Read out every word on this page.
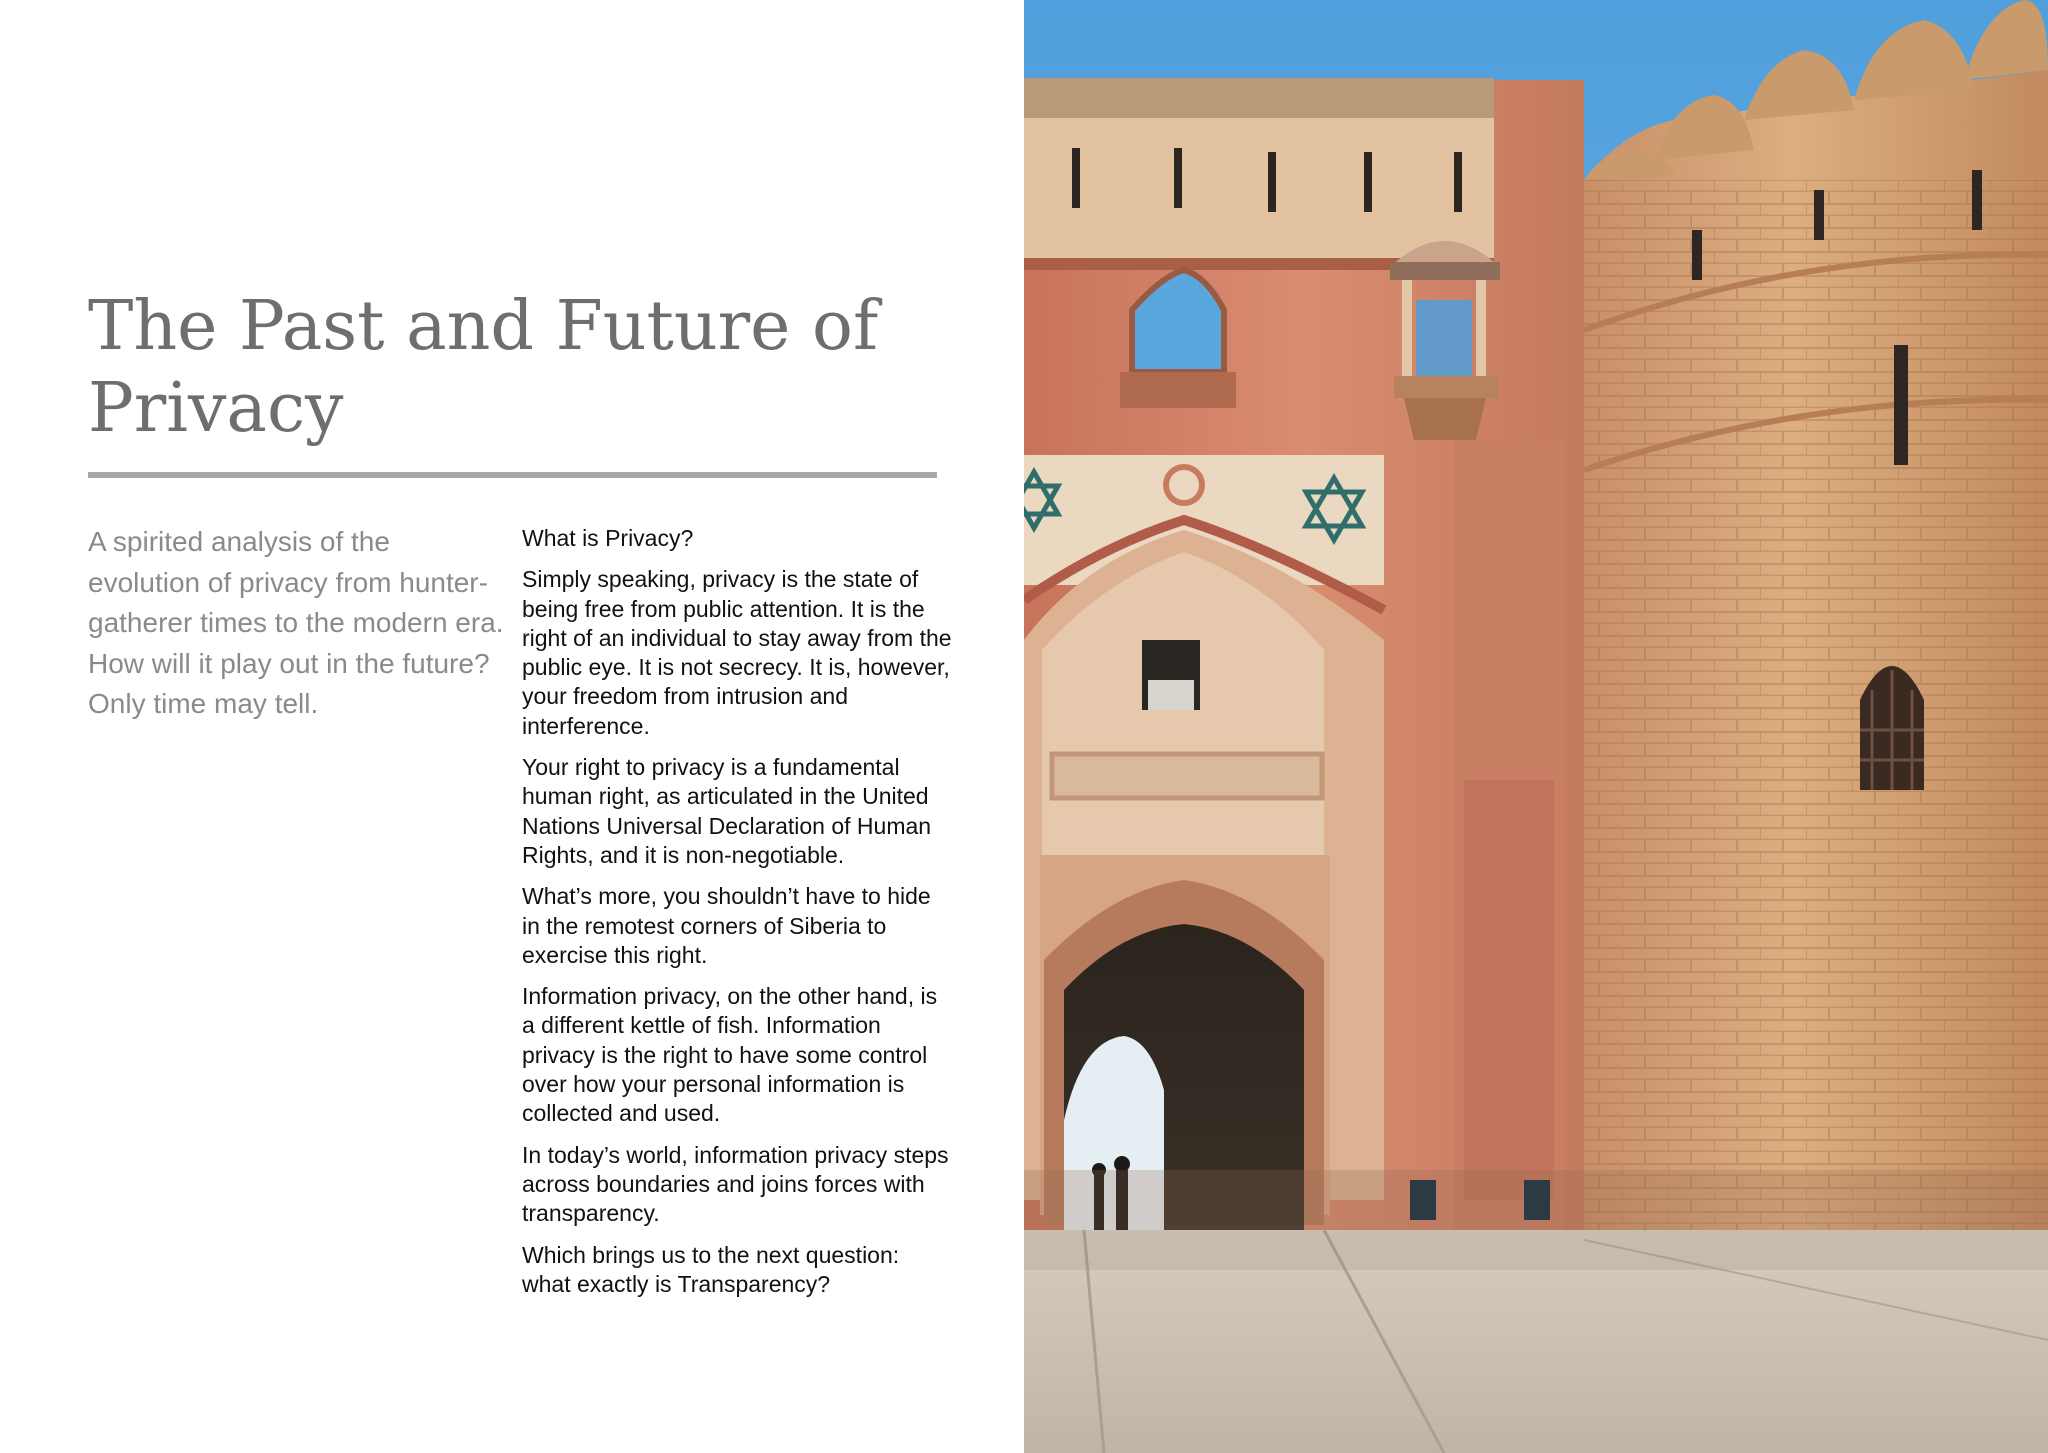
The Past and Future of Privacy

A spirited analysis of the evolution of privacy from hunter-gatherer times to the modern era. How will it play out in the future? Only time may tell.

What is Privacy?

Simply speaking, privacy is the state of being free from public attention. It is the right of an individual to stay away from the public eye. It is not secrecy. It is, however, your freedom from intrusion and interference.

Your right to privacy is a fundamental human right, as articulated in the United Nations Universal Declaration of Human Rights, and it is non-negotiable.

What’s more, you shouldn’t have to hide in the remotest corners of Siberia to exercise this right.

Information privacy, on the other hand, is a different kettle of fish. Information privacy is the right to have some control over how your personal information is collected and used.

In today’s world, information privacy steps across boundaries and joins forces with transparency.

Which brings us to the next question: what exactly is Transparency?
